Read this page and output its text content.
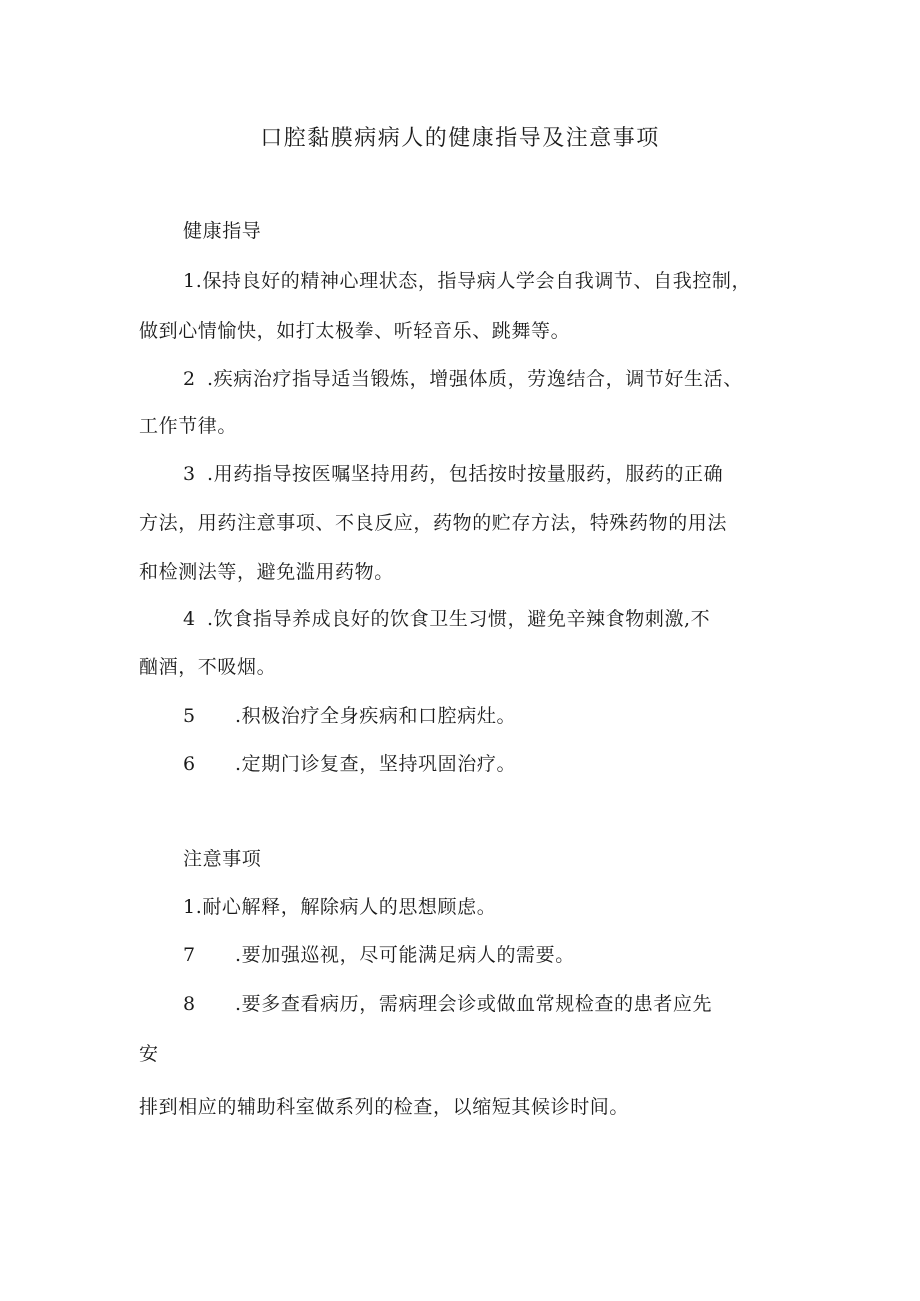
口腔黏膜病病人的健康指导及注意事项
健康指导
1.保持良好的精神心理状态，指导病人学会自我调节、自我控制，
做到心情愉快，如打太极拳、听轻音乐、跳舞等。
2 .疾病治疗指导适当锻炼，增强体质，劳逸结合，调节好生活、
工作节律。
3 .用药指导按医嘱坚持用药，包括按时按量服药，服药的正确
方法，用药注意事项、不良反应，药物的贮存方法，特殊药物的用法
和检测法等，避免滥用药物。
4 .饮食指导养成良好的饮食卫生习惯，避免辛辣食物刺激,不
酗酒，不吸烟。
5 .积极治疗全身疾病和口腔病灶。
6 .定期门诊复查，坚持巩固治疗。
注意事项
1.耐心解释，解除病人的思想顾虑。
7 .要加强巡视，尽可能满足病人的需要。
8 .要多查看病历，需病理会诊或做血常规检查的患者应先
安
排到相应的辅助科室做系列的检查，以缩短其候诊时间。
